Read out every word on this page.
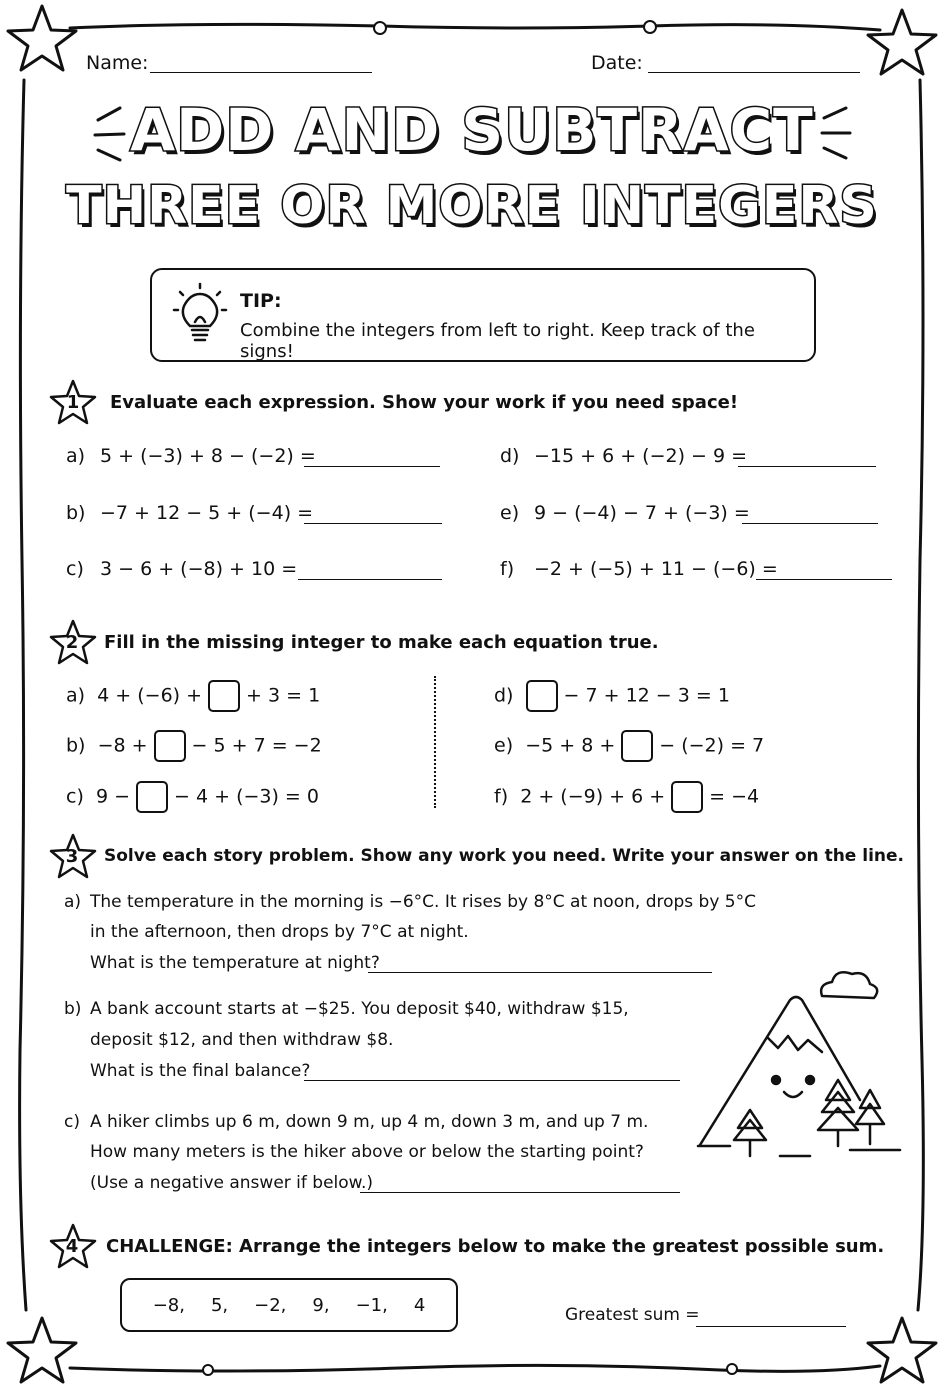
Name:	Date:
ADD AND SUBTRACT
THREE OR MORE INTEGERS
TIP:
Combine the integers from left to right. Keep track of the signs!
1	Evaluate each expression. Show your work if you need space!
a) 5 + (−3) + 8 − (−2) =
b) −7 + 12 − 5 + (−4) =
c) 3 − 6 + (−8) + 10 =
d) −15 + 6 + (−2) − 9 =
e) 9 − (−4) − 7 + (−3) =
f) −2 + (−5) + 11 − (−6) =
2	Fill in the missing integer to make each equation true.
a) 4 + (−6) + + 3 = 1
b) −8 + − 5 + 7 = −2
c) 9 − − 4 + (−3) = 0
d)	− 7 + 12 − 3 = 1
e) −5 + 8 + − (−2) = 7
f) 2 + (−9) + 6 + = −4
3	Solve each story problem. Show any work you need. Write your answer on the line.
a) The temperature in the morning is −6°C. It rises by 8°C at noon, drops by 5°C
in the afternoon, then drops by 7°C at night.
What is the temperature at night?
b) A bank account starts at −$25. You deposit $40, withdraw $15,
deposit $12, and then withdraw $8.
What is the final balance?
c) A hiker climbs up 6 m, down 9 m, up 4 m, down 3 m, and up 7 m.
How many meters is the hiker above or below the starting point?
(Use a negative answer if below.)
4	CHALLENGE: Arrange the integers below to make the greatest possible sum.
−8, 5, −2, 9, −1, 4	Greatest sum =
